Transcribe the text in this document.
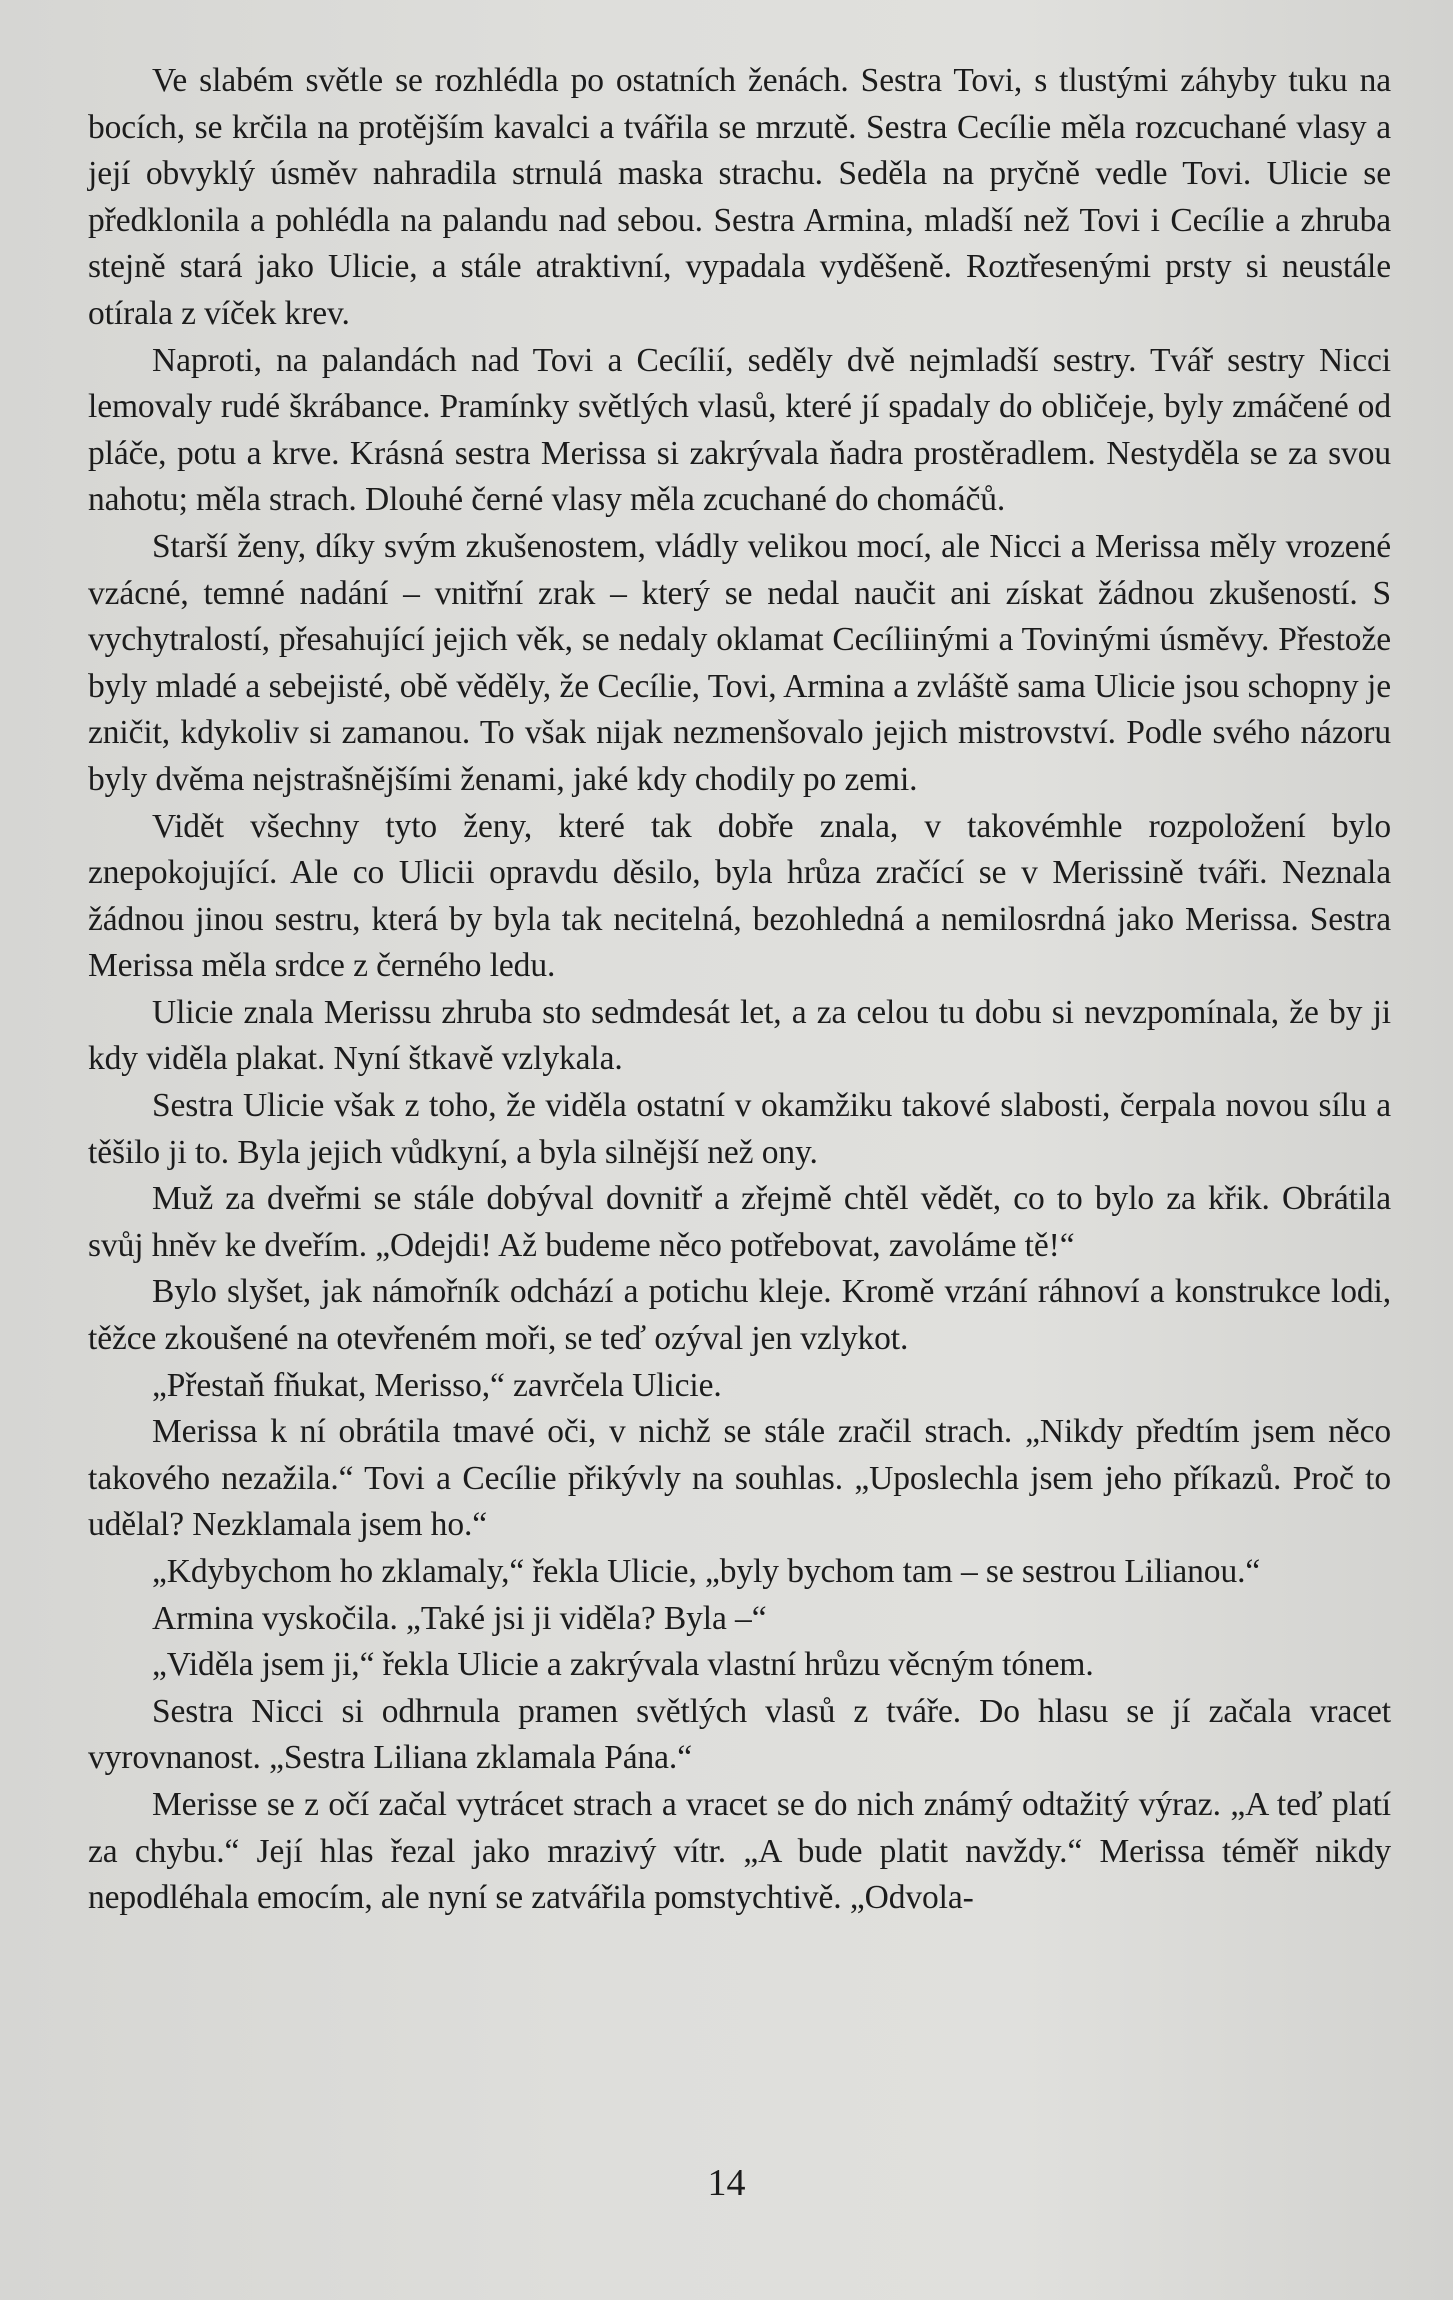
Ve slabém světle se rozhlédla po ostatních ženách. Sestra Tovi, s tlustými záhyby tuku na bocích, se krčila na protějším kavalci a tvářila se mrzutě. Sestra Cecílie měla rozcuchané vlasy a její obvyklý úsměv nahradila strnulá maska strachu. Seděla na pryčně vedle Tovi. Ulicie se předklonila a pohlédla na palandu nad sebou. Sestra Armina, mladší než Tovi i Cecílie a zhruba stejně stará jako Ulicie, a stále atraktivní, vypadala vyděšeně. Roztřesenými prsty si neustále otírala z víček krev.

Naproti, na palandách nad Tovi a Cecílií, seděly dvě nejmladší sestry. Tvář sestry Nicci lemovaly rudé škrábance. Pramínky světlých vlasů, které jí spadaly do obličeje, byly zmáčené od pláče, potu a krve. Krásná sestra Merissa si zakrývala ňadra prostěradlem. Nestyděla se za svou nahotu; měla strach. Dlouhé černé vlasy měla zcuchané do chomáčů.

Starší ženy, díky svým zkušenostem, vládly velikou mocí, ale Nicci a Merissa měly vrozené vzácné, temné nadání – vnitřní zrak – který se nedal naučit ani získat žádnou zkušeností. S vychytralostí, přesahující jejich věk, se nedaly oklamat Cecíliinými a Tovinými úsměvy. Přestože byly mladé a sebejisté, obě věděly, že Cecílie, Tovi, Armina a zvláště sama Ulicie jsou schopny je zničit, kdykoliv si zamanou. To však nijak nezmenšovalo jejich mistrovství. Podle svého názoru byly dvěma nejstrašnějšími ženami, jaké kdy chodily po zemi.

Vidět všechny tyto ženy, které tak dobře znala, v takovémhle rozpoložení bylo znepokojující. Ale co Ulicii opravdu děsilo, byla hrůza zračící se v Merissině tváři. Neznala žádnou jinou sestru, která by byla tak necitelná, bezohledná a nemilosrdná jako Merissa. Sestra Merissa měla srdce z černého ledu.

Ulicie znala Merissu zhruba sto sedmdesát let, a za celou tu dobu si nevzpomínala, že by ji kdy viděla plakat. Nyní štkavě vzlykala.

Sestra Ulicie však z toho, že viděla ostatní v okamžiku takové slabosti, čerpala novou sílu a těšilo ji to. Byla jejich vůdkyní, a byla silnější než ony.

Muž za dveřmi se stále dobýval dovnitř a zřejmě chtěl vědět, co to bylo za křik. Obrátila svůj hněv ke dveřím. „Odejdi! Až budeme něco potřebovat, zavoláme tě!“

Bylo slyšet, jak námořník odchází a potichu kleje. Kromě vrzání ráhnoví a konstrukce lodi, těžce zkoušené na otevřeném moři, se teď ozýval jen vzlykot.

„Přestaň fňukat, Merisso,“ zavrčela Ulicie.

Merissa k ní obrátila tmavé oči, v nichž se stále zračil strach. „Nikdy předtím jsem něco takového nezažila.“ Tovi a Cecílie přikývly na souhlas. „Uposlechla jsem jeho příkazů. Proč to udělal? Nezklamala jsem ho.“

„Kdybychom ho zklamaly,“ řekla Ulicie, „byly bychom tam – se sestrou Lilianou.“

Armina vyskočila. „Také jsi ji viděla? Byla –“

„Viděla jsem ji,“ řekla Ulicie a zakrývala vlastní hrůzu věcným tónem.

Sestra Nicci si odhrnula pramen světlých vlasů z tváře. Do hlasu se jí začala vracet vyrovnanost. „Sestra Liliana zklamala Pána.“

Merisse se z očí začal vytrácet strach a vracet se do nich známý odtažitý výraz. „A teď platí za chybu.“ Její hlas řezal jako mrazivý vítr. „A bude platit navždy.“ Merissa téměř nikdy nepodléhala emocím, ale nyní se zatvářila pomstychtivě. „Odvola-

14
